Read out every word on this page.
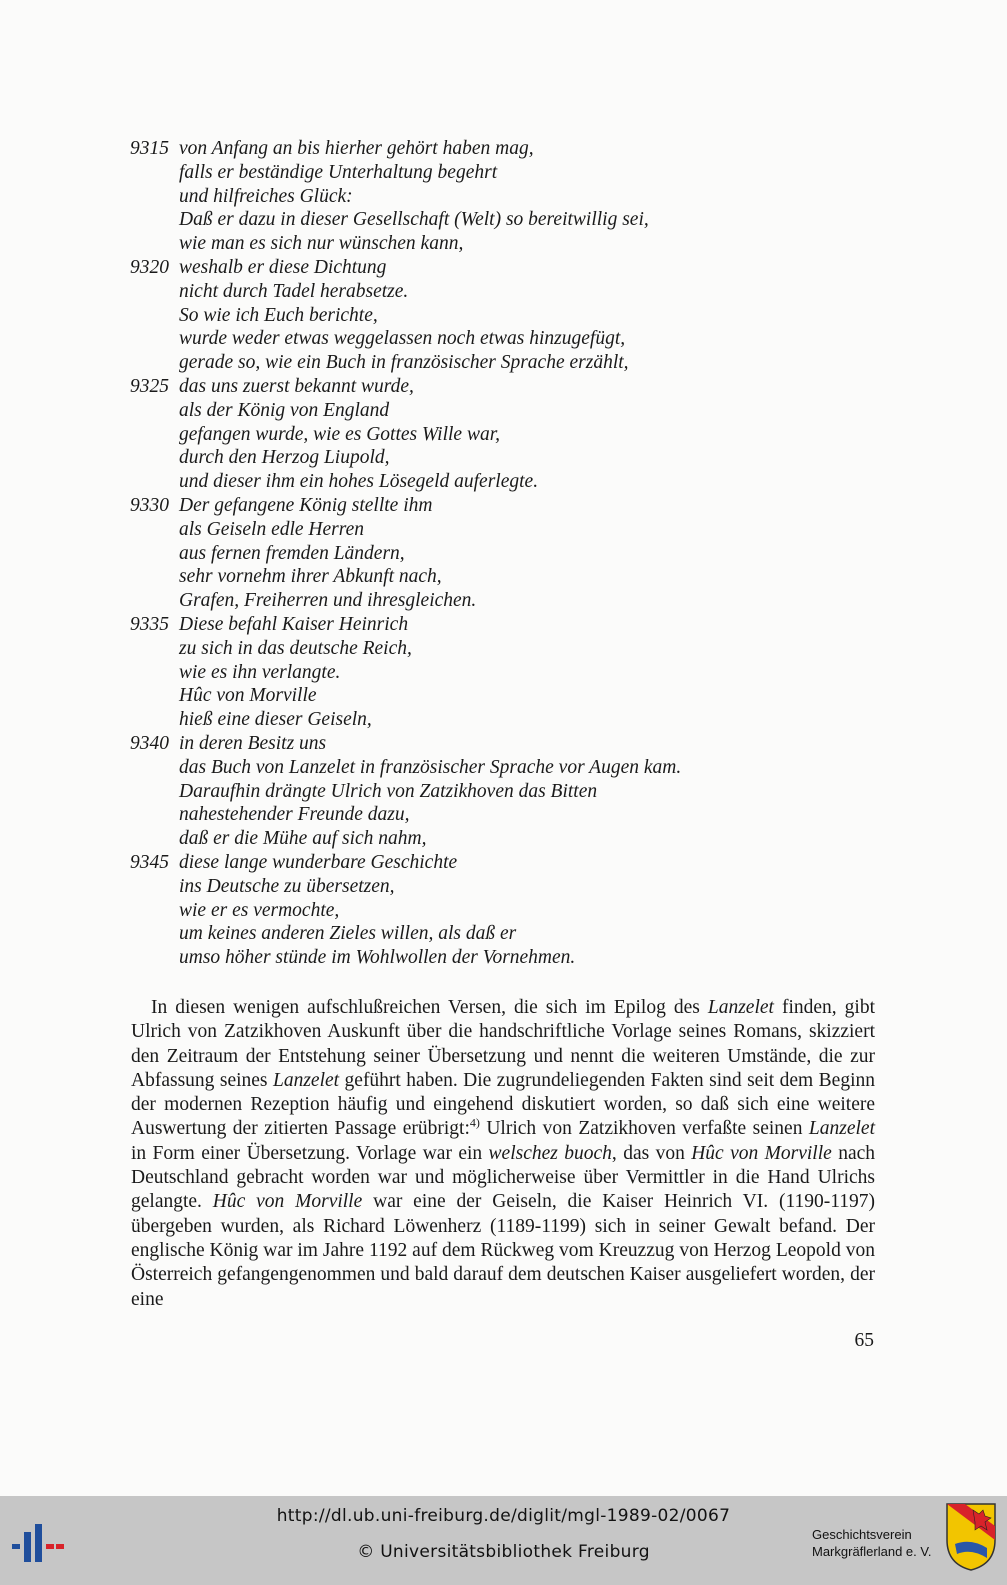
9315 von Anfang an bis hierher gehört haben mag,
falls er beständige Unterhaltung begehrt
und hilfreiches Glück:
Daß er dazu in dieser Gesellschaft (Welt) so bereitwillig sei,
wie man es sich nur wünschen kann,
9320 weshalb er diese Dichtung
nicht durch Tadel herabsetze.
So wie ich Euch berichte,
wurde weder etwas weggelassen noch etwas hinzugefügt,
gerade so, wie ein Buch in französischer Sprache erzählt,
9325 das uns zuerst bekannt wurde,
als der König von England
gefangen wurde, wie es Gottes Wille war,
durch den Herzog Liupold,
und dieser ihm ein hohes Lösegeld auferlegte.
9330 Der gefangene König stellte ihm
als Geiseln edle Herren
aus fernen fremden Ländern,
sehr vornehm ihrer Abkunft nach,
Grafen, Freiherren und ihresgleichen.
9335 Diese befahl Kaiser Heinrich
zu sich in das deutsche Reich,
wie es ihn verlangte.
Hûc von Morville
hieß eine dieser Geiseln,
9340 in deren Besitz uns
das Buch von Lanzelet in französischer Sprache vor Augen kam.
Daraufhin drängte Ulrich von Zatzikhoven das Bitten
nahestehender Freunde dazu,
daß er die Mühe auf sich nahm,
9345 diese lange wunderbare Geschichte
ins Deutsche zu übersetzen,
wie er es vermochte,
um keines anderen Zieles willen, als daß er
umso höher stünde im Wohlwollen der Vornehmen.

In diesen wenigen aufschlußreichen Versen, die sich im Epilog des Lanzelet finden, gibt Ulrich von Zatzikhoven Auskunft über die handschriftliche Vorlage seines Romans, skizziert den Zeitraum der Entstehung seiner Übersetzung und nennt die weiteren Umstände, die zur Abfassung seines Lanzelet geführt haben. Die zugrundeliegenden Fakten sind seit dem Beginn der modernen Rezeption häufig und eingehend diskutiert worden, so daß sich eine weitere Auswertung der zitierten Passage erübrigt:$^{4)}$ Ulrich von Zatzikhoven verfaßte seinen Lanzelet in Form einer Übersetzung. Vorlage war ein welschez buoch, das von Hûc von Morville nach Deutschland gebracht worden war und möglicherweise über Vermittler in die Hand Ulrichs gelangte. Hûc von Morville war eine der Geiseln, die Kaiser Heinrich VI. (1190-1197) übergeben wurden, als Richard Löwenherz (1189-1199) sich in seiner Gewalt befand. Der englische König war im Jahre 1192 auf dem Rückweg vom Kreuzzug von Herzog Leopold von Österreich gefangengenommen und bald darauf dem deutschen Kaiser ausgeliefert worden, der eine

65
http://dl.ub.uni-freiburg.de/diglit/mgl-1989-02/0067
© Universitätsbibliothek Freiburg
Geschichtsverein
Markgräflerland e. V.
